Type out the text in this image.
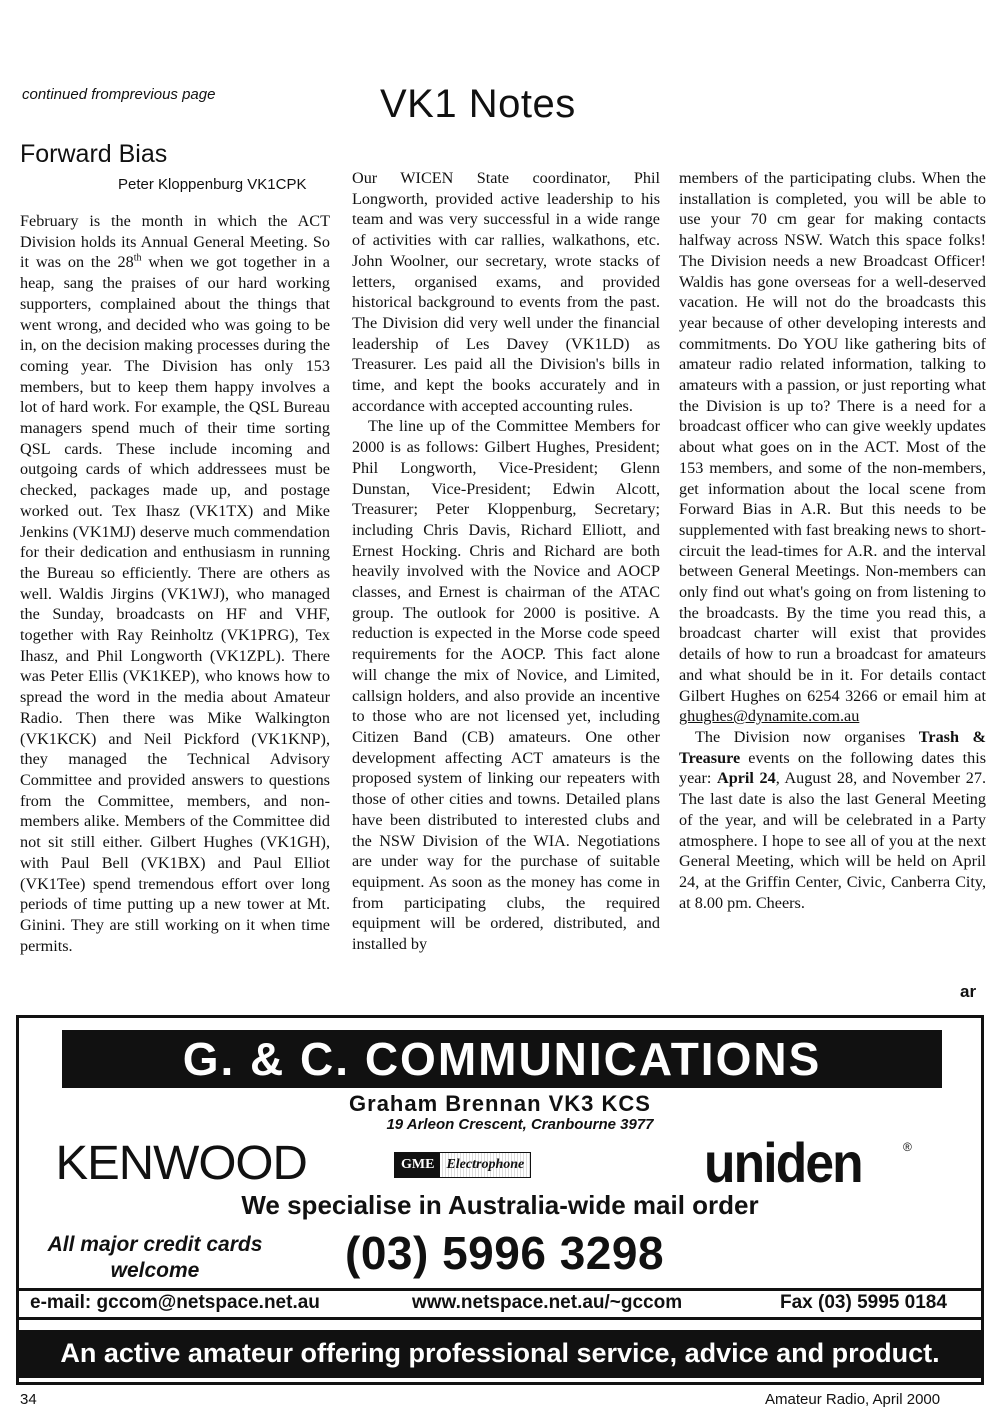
continued fromprevious page	VK1 Notes
Forward Bias
Peter Kloppenburg VK1CPK

February is the month in which the ACT Division holds its Annual General Meeting. So it was on the 28th when we got together in a heap, sang the praises of our hard working supporters, complained about the things that went wrong, and decided who was going to be in, on the decision making processes during the coming year. The Division has only 153 members, but to keep them happy involves a lot of hard work. For example, the QSL Bureau managers spend much of their time sorting QSL cards. These include incoming and outgoing cards of which addressees must be checked, packages made up, and postage worked out. Tex Ihasz (VK1TX) and Mike Jenkins (VK1MJ) deserve much commendation for their dedication and enthusiasm in running the Bureau so efficiently. There are others as well. Waldis Jirgins (VK1WJ), who managed the Sunday, broadcasts on HF and VHF, together with Ray Reinholtz (VK1PRG), Tex Ihasz, and Phil Longworth (VK1ZPL). There was Peter Ellis (VK1KEP), who knows how to spread the word in the media about Amateur Radio. Then there was Mike Walkington (VK1KCK) and Neil Pickford (VK1KNP), they managed the Technical Advisory Committee and provided answers to questions from the Committee, members, and non-members alike. Members of the Committee did not sit still either. Gilbert Hughes (VK1GH), with Paul Bell (VK1BX) and Paul Elliot (VK1Tee) spend tremendous effort over long periods of time putting up a new tower at Mt. Ginini. They are still working on it when time permits.

Our WICEN State coordinator, Phil Longworth, provided active leadership to his team and was very successful in a wide range of activities with car rallies, walkathons, etc. John Woolner, our secretary, wrote stacks of letters, organised exams, and provided historical background to events from the past. The Division did very well under the financial leadership of Les Davey (VK1LD) as Treasurer. Les paid all the Division's bills in time, and kept the books accurately and in accordance with accepted accounting rules.

The line up of the Committee Members for 2000 is as follows: Gilbert Hughes, President; Phil Longworth, Vice-President; Glenn Dunstan, Vice-President; Edwin Alcott, Treasurer; Peter Kloppenburg, Secretary; including Chris Davis, Richard Elliott, and Ernest Hocking. Chris and Richard are both heavily involved with the Novice and AOCP classes, and Ernest is chairman of the ATAC group. The outlook for 2000 is positive. A reduction is expected in the Morse code speed requirements for the AOCP. This fact alone will change the mix of Novice, and Limited, callsign holders, and also provide an incentive to those who are not licensed yet, including Citizen Band (CB) amateurs. One other development affecting ACT amateurs is the proposed system of linking our repeaters with those of other cities and towns. Detailed plans have been distributed to interested clubs and the NSW Division of the WIA. Negotiations are under way for the purchase of suitable equipment. As soon as the money has come in from participating clubs, the required equipment will be ordered, distributed, and installed by

members of the participating clubs. When the installation is completed, you will be able to use your 70 cm gear for making contacts halfway across NSW. Watch this space folks! The Division needs a new Broadcast Officer! Waldis has gone overseas for a well-deserved vacation. He will not do the broadcasts this year because of other developing interests and commitments. Do YOU like gathering bits of amateur radio related information, talking to amateurs with a passion, or just reporting what the Division is up to? There is a need for a broadcast officer who can give weekly updates about what goes on in the ACT. Most of the 153 members, and some of the non-members, get information about the local scene from Forward Bias in A.R. But this needs to be supplemented with fast breaking news to short-circuit the lead-times for A.R. and the interval between General Meetings. Non-members can only find out what's going on from listening to the broadcasts. By the time you read this, a broadcast charter will exist that provides details of how to run a broadcast for amateurs and what should be in it. For details contact Gilbert Hughes on 6254 3266 or email him at ghughes@dynamite.com.au

The Division now organises Trash & Treasure events on the following dates this year: April 24, August 28, and November 27. The last date is also the last General Meeting of the year, and will be celebrated in a Party atmosphere. I hope to see all of you at the next General Meeting, which will be held on April 24, at the Griffin Center, Civic, Canberra City, at 8.00 pm. Cheers.

ar
G. & C. COMMUNICATIONS
Graham Brennan VK3 KCS
19 Arleon Crescent, Cranbourne 3977
KENWOOD	GME Electrophone	uniden	®
We specialise in Australia-wide mail order
All major credit cards welcome	(03) 5996 3298
e-mail: gccom@netspace.net.au	www.netspace.net.au/~gccom	Fax (03) 5995 0184
An active amateur offering professional service, advice and product.
34	Amateur Radio, April 2000
